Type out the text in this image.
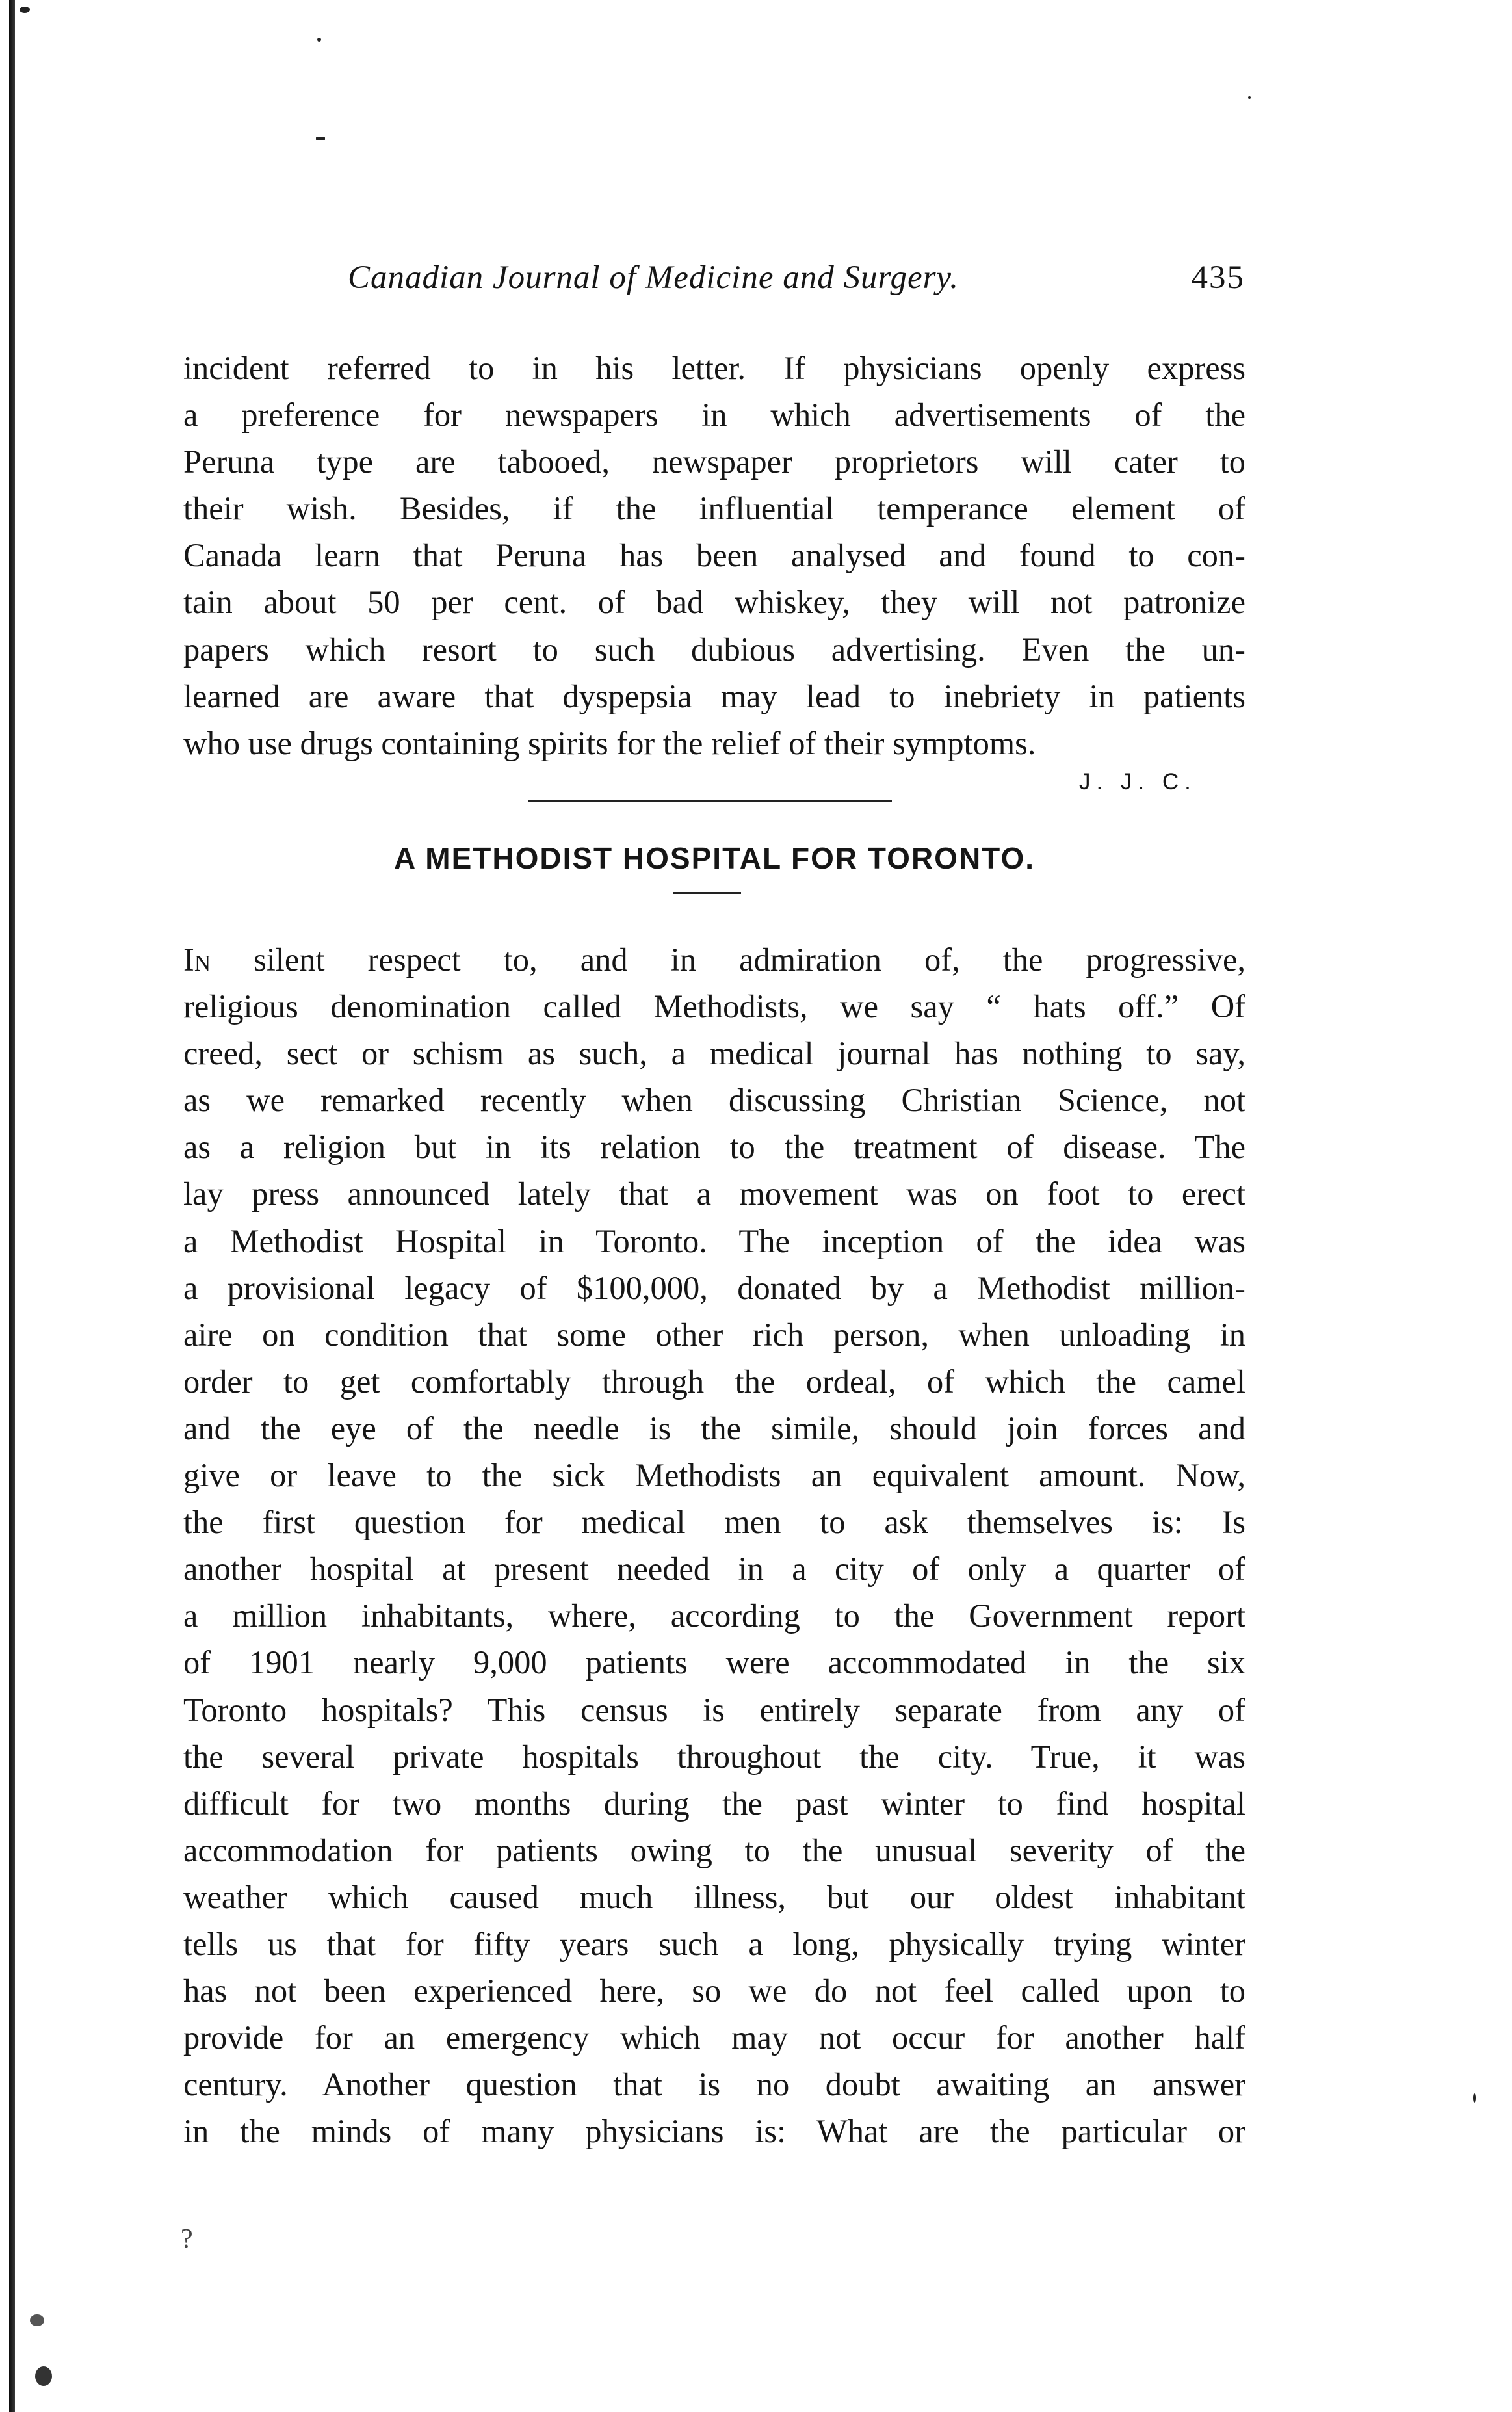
Canadian Journal of Medicine and Surgery.	435
incident referred to in his letter. If physicians openly express
a preference for newspapers in which advertisements of the
Peruna type are tabooed, newspaper proprietors will cater to
their wish. Besides, if the influential temperance element of
Canada learn that Peruna has been analysed and found to con-
tain about 50 per cent. of bad whiskey, they will not patronize
papers which resort to such dubious advertising. Even the un-
learned are aware that dyspepsia may lead to inebriety in patients
who use drugs containing spirits for the relief of their symptoms.
J. J. C.
A METHODIST HOSPITAL FOR TORONTO.
In silent respect to, and in admiration of, the progressive,
religious denomination called Methodists, we say “ hats off.” Of
creed, sect or schism as such, a medical journal has nothing to say,
as we remarked recently when discussing Christian Science, not
as a religion but in its relation to the treatment of disease. The
lay press announced lately that a movement was on foot to erect
a Methodist Hospital in Toronto. The inception of the idea was
a provisional legacy of $100,000, donated by a Methodist million-
aire on condition that some other rich person, when unloading in
order to get comfortably through the ordeal, of which the camel
and the eye of the needle is the simile, should join forces and
give or leave to the sick Methodists an equivalent amount. Now,
the first question for medical men to ask themselves is: Is
another hospital at present needed in a city of only a quarter of
a million inhabitants, where, according to the Government report
of 1901 nearly 9,000 patients were accommodated in the six
Toronto hospitals? This census is entirely separate from any of
the several private hospitals throughout the city. True, it was
difficult for two months during the past winter to find hospital
accommodation for patients owing to the unusual severity of the
weather which caused much illness, but our oldest inhabitant
tells us that for fifty years such a long, physically trying winter
has not been experienced here, so we do not feel called upon to
provide for an emergency which may not occur for another half
century. Another question that is no doubt awaiting an answer
in the minds of many physicians is: What are the particular or
?
